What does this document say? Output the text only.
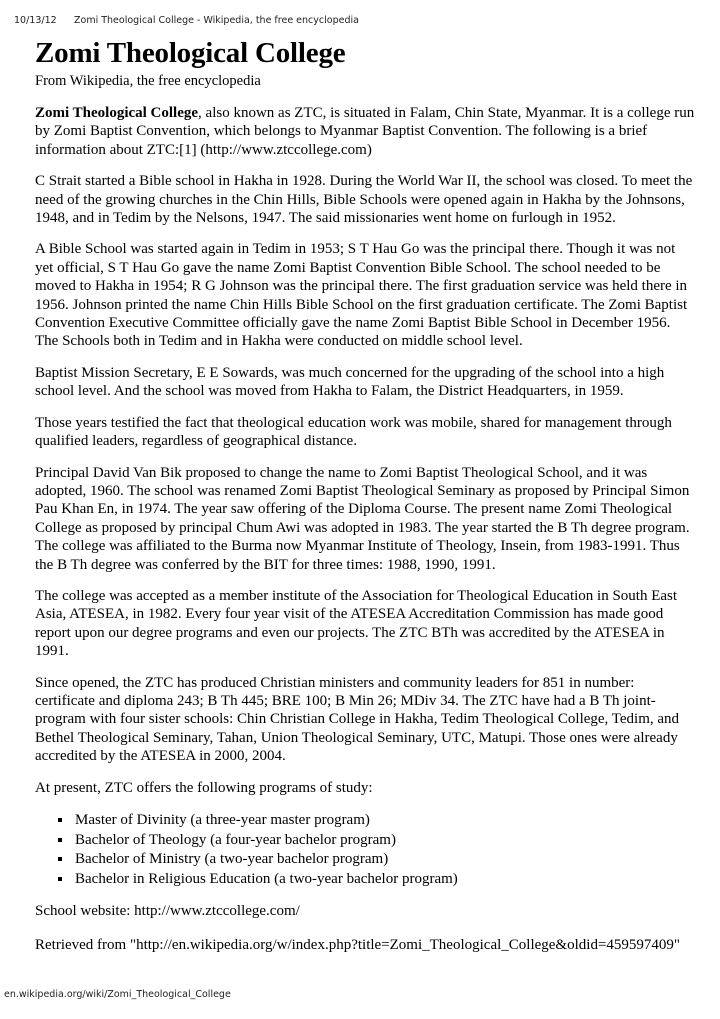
10/13/12 Zomi Theological College - Wikipedia, the free encyclopedia
Zomi Theological College
From Wikipedia, the free encyclopedia

Zomi Theological College, also known as ZTC, is situated in Falam, Chin State, Myanmar. It is a college run by Zomi Baptist Convention, which belongs to Myanmar Baptist Convention. The following is a brief information about ZTC:[1] (http://www.ztccollege.com)

C Strait started a Bible school in Hakha in 1928. During the World War II, the school was closed. To meet the need of the growing churches in the Chin Hills, Bible Schools were opened again in Hakha by the Johnsons, 1948, and in Tedim by the Nelsons, 1947. The said missionaries went home on furlough in 1952.

A Bible School was started again in Tedim in 1953; S T Hau Go was the principal there. Though it was not yet official, S T Hau Go gave the name Zomi Baptist Convention Bible School. The school needed to be moved to Hakha in 1954; R G Johnson was the principal there. The first graduation service was held there in 1956. Johnson printed the name Chin Hills Bible School on the first graduation certificate. The Zomi Baptist Convention Executive Committee officially gave the name Zomi Baptist Bible School in December 1956. The Schools both in Tedim and in Hakha were conducted on middle school level.

Baptist Mission Secretary, E E Sowards, was much concerned for the upgrading of the school into a high school level. And the school was moved from Hakha to Falam, the District Headquarters, in 1959.

Those years testified the fact that theological education work was mobile, shared for management through qualified leaders, regardless of geographical distance.

Principal David Van Bik proposed to change the name to Zomi Baptist Theological School, and it was adopted, 1960. The school was renamed Zomi Baptist Theological Seminary as proposed by Principal Simon Pau Khan En, in 1974. The year saw offering of the Diploma Course. The present name Zomi Theological College as proposed by principal Chum Awi was adopted in 1983. The year started the B Th degree program. The college was affiliated to the Burma now Myanmar Institute of Theology, Insein, from 1983-1991. Thus the B Th degree was conferred by the BIT for three times: 1988, 1990, 1991.

The college was accepted as a member institute of the Association for Theological Education in South East Asia, ATESEA, in 1982. Every four year visit of the ATESEA Accreditation Commission has made good report upon our degree programs and even our projects. The ZTC BTh was accredited by the ATESEA in 1991.

Since opened, the ZTC has produced Christian ministers and community leaders for 851 in number: certificate and diploma 243; B Th 445; BRE 100; B Min 26; MDiv 34. The ZTC have had a B Th joint-program with four sister schools: Chin Christian College in Hakha, Tedim Theological College, Tedim, and Bethel Theological Seminary, Tahan, Union Theological Seminary, UTC, Matupi. Those ones were already accredited by the ATESEA in 2000, 2004.

At present, ZTC offers the following programs of study:

▪ Master of Divinity (a three-year master program)
▪ Bachelor of Theology (a four-year bachelor program)
▪ Bachelor of Ministry (a two-year bachelor program)
▪ Bachelor in Religious Education (a two-year bachelor program)

School website: http://www.ztccollege.com/

Retrieved from "http://en.wikipedia.org/w/index.php?title=Zomi_Theological_College&oldid=459597409"

en.wikipedia.org/wiki/Zomi_Theological_College
